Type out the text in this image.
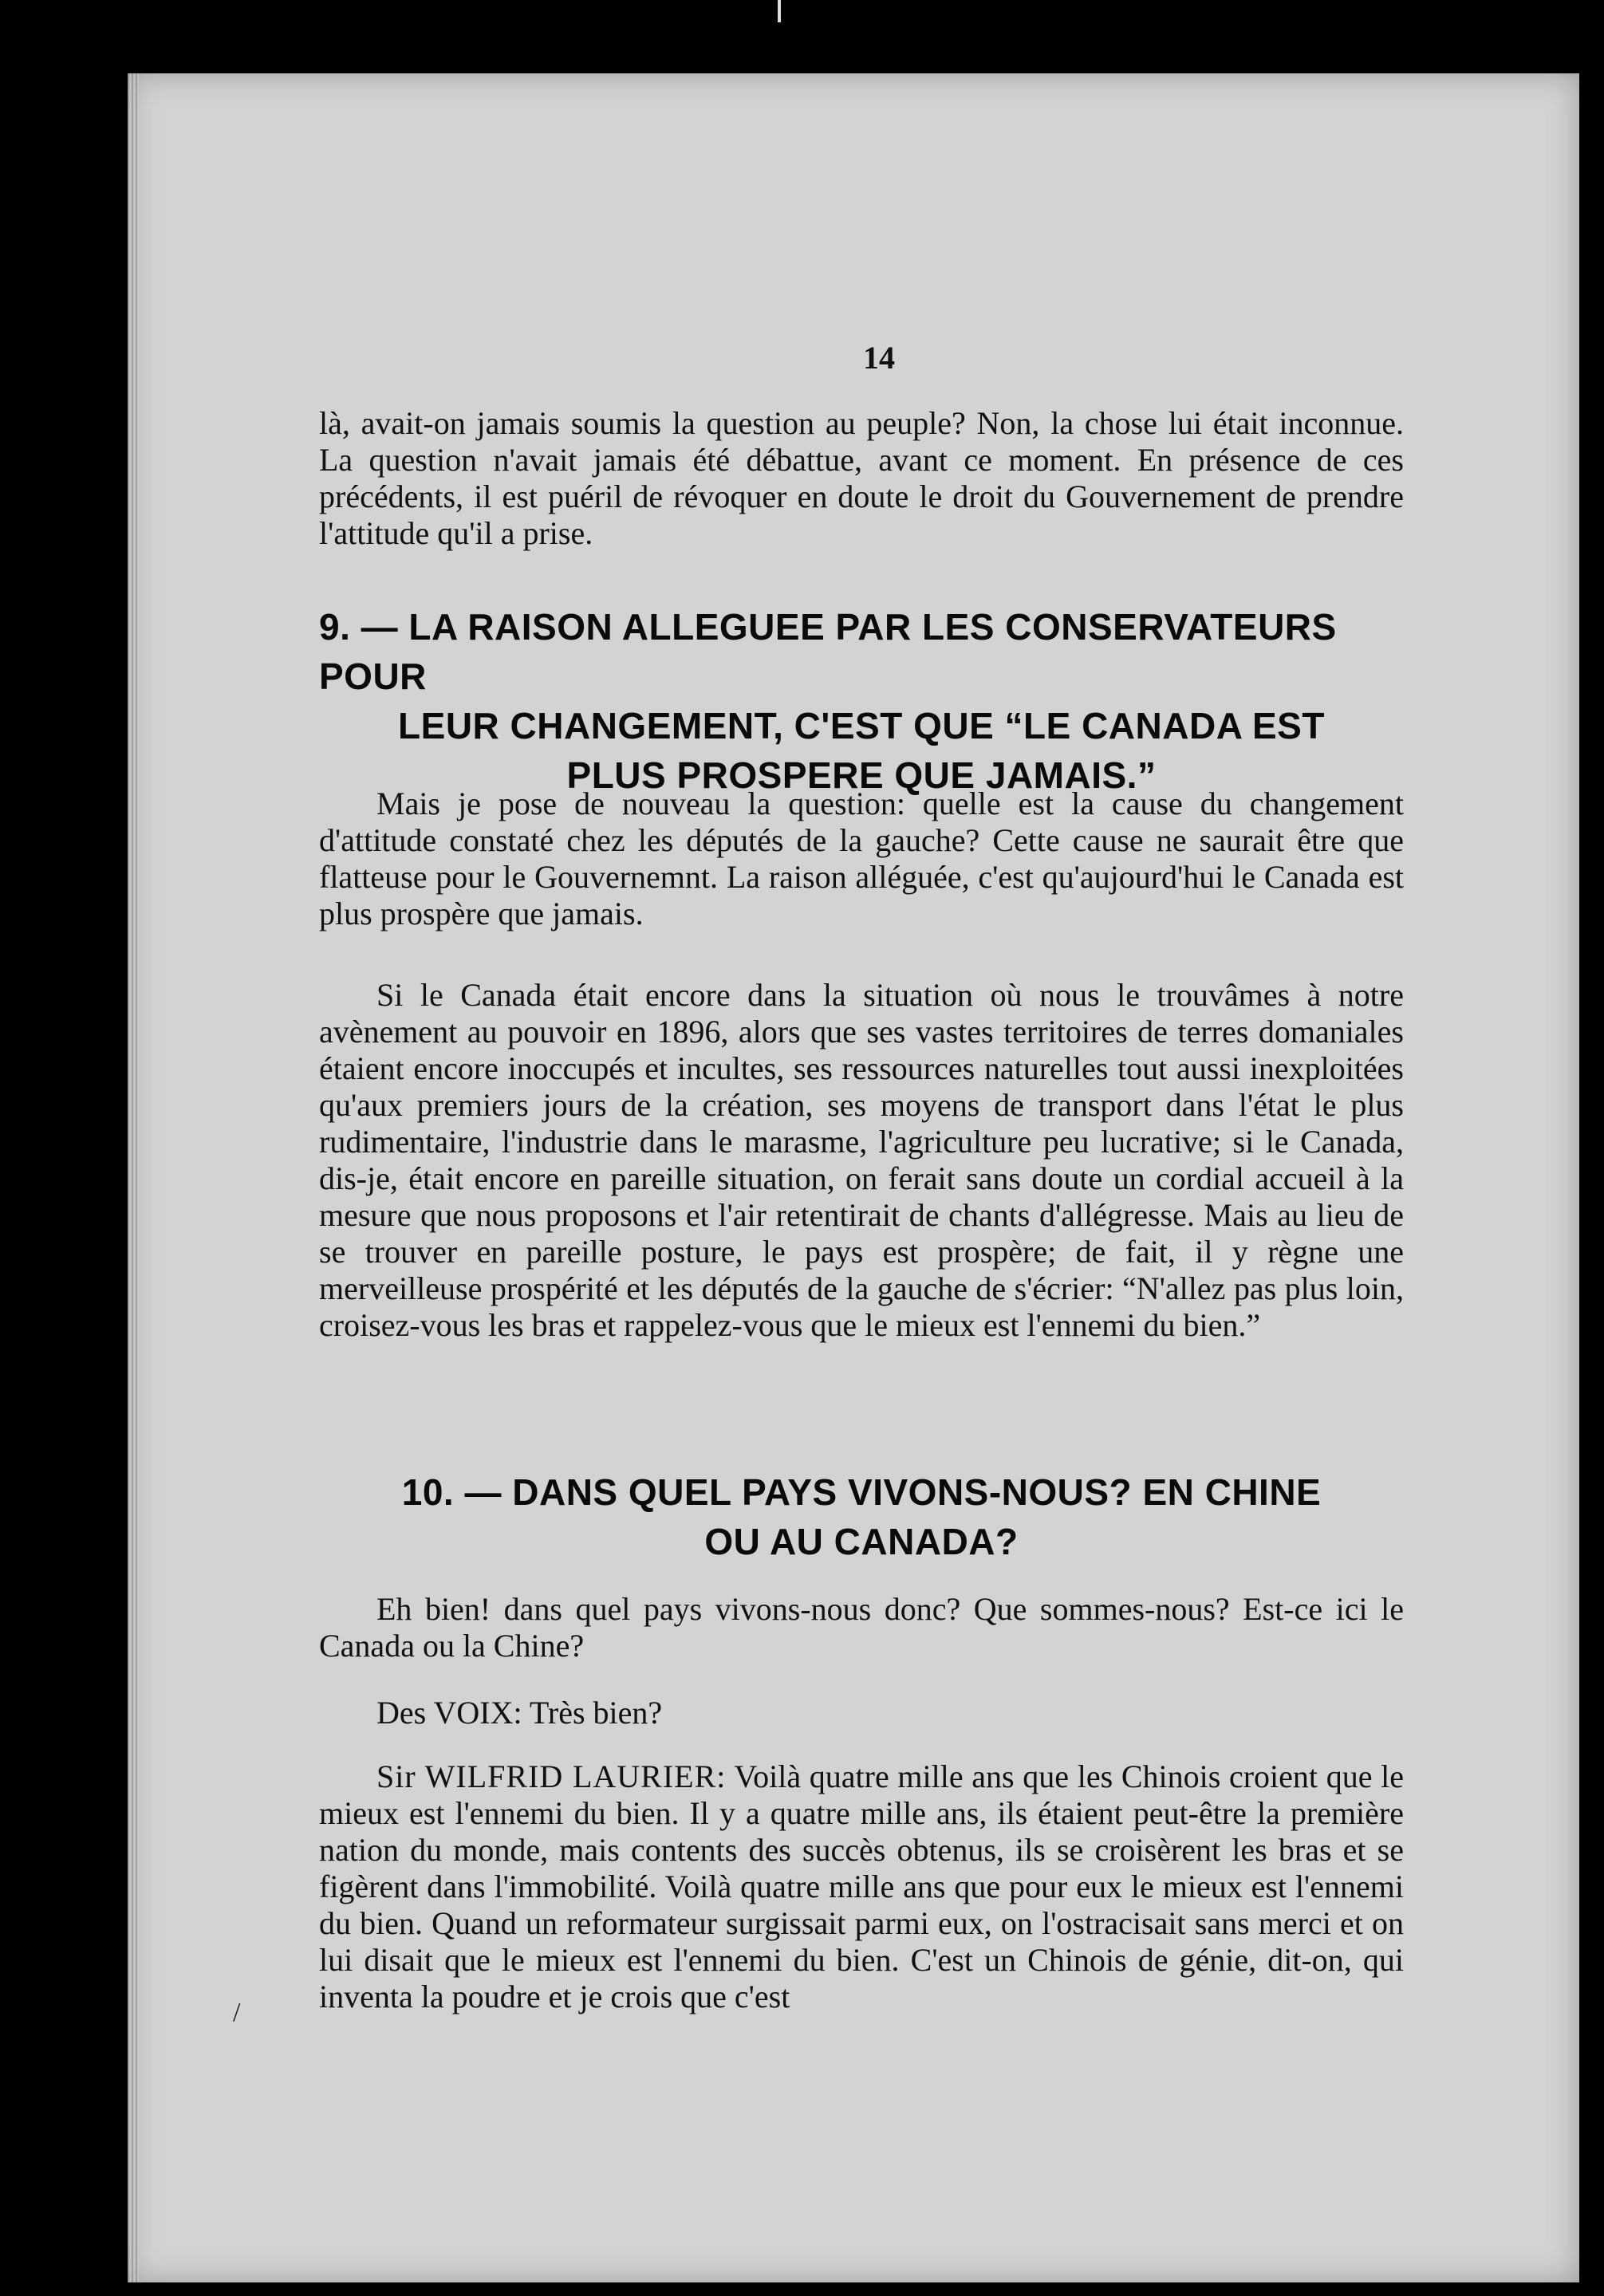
14

là, avait-on jamais soumis la question au peuple? Non, la chose lui était inconnue. La question n'avait jamais été débattue, avant ce moment. En présence de ces précédents, il est puéril de révoquer en doute le droit du Gouvernement de prendre l'attitude qu'il a prise.

9. — LA RAISON ALLEGUEE PAR LES CONSERVATEURS POUR
LEUR CHANGEMENT, C'EST QUE “LE CANADA EST
PLUS PROSPERE QUE JAMAIS.”

Mais je pose de nouveau la question: quelle est la cause du changement d'attitude constaté chez les députés de la gauche? Cette cause ne saurait être que flatteuse pour le Gouvernemnt. La raison alléguée, c'est qu'aujourd'hui le Canada est plus prospère que jamais.

Si le Canada était encore dans la situation où nous le trouvâmes à notre avènement au pouvoir en 1896, alors que ses vastes territoires de terres domaniales étaient encore inoccupés et incultes, ses ressources naturelles tout aussi inexploitées qu'aux premiers jours de la création, ses moyens de transport dans l'état le plus rudimentaire, l'industrie dans le marasme, l'agriculture peu lucrative; si le Canada, dis-je, était encore en pareille situation, on ferait sans doute un cordial accueil à la mesure que nous proposons et l'air retentirait de chants d'allégresse. Mais au lieu de se trouver en pareille posture, le pays est prospère; de fait, il y règne une merveilleuse prospérité et les députés de la gauche de s'écrier: “N'allez pas plus loin, croisez-vous les bras et rappelez-vous que le mieux est l'ennemi du bien.”

10. — DANS QUEL PAYS VIVONS-NOUS? EN CHINE
OU AU CANADA?

Eh bien! dans quel pays vivons-nous donc? Que sommes-nous? Est-ce ici le Canada ou la Chine?

Des VOIX: Très bien?

Sir WILFRID LAURIER: Voilà quatre mille ans que les Chinois croient que le mieux est l'ennemi du bien. Il y a quatre mille ans, ils étaient peut-être la première nation du monde, mais contents des succès obtenus, ils se croisèrent les bras et se figèrent dans l'immobilité. Voilà quatre mille ans que pour eux le mieux est l'ennemi du bien. Quand un reformateur surgissait parmi eux, on l'ostracisait sans merci et on lui disait que le mieux est l'ennemi du bien. C'est un Chinois de génie, dit-on, qui inventa la poudre et je crois que c'est

/
